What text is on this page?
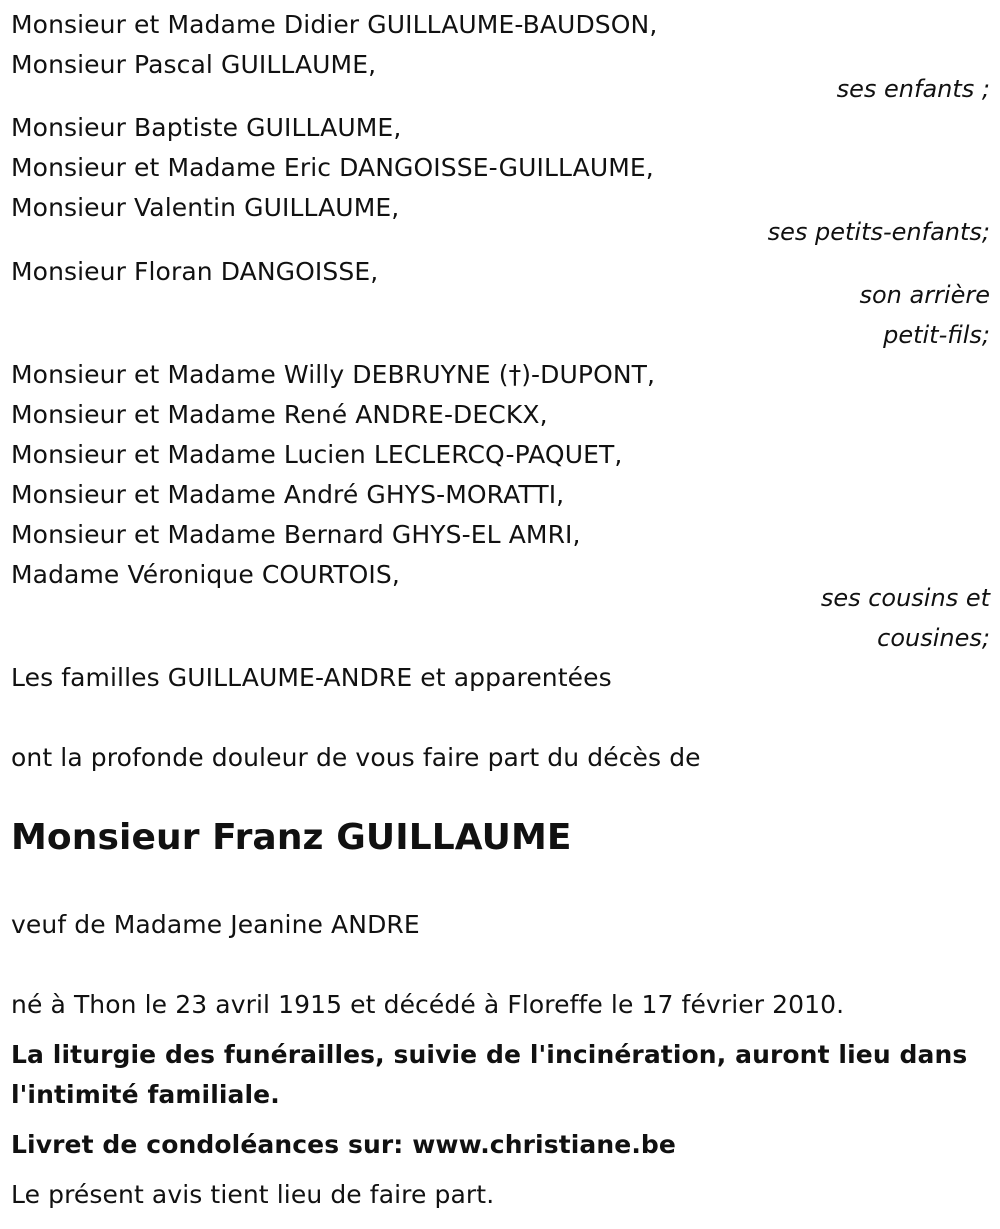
Monsieur et Madame Didier GUILLAUME-BAUDSON,
Monsieur Pascal GUILLAUME,
ses enfants ;
Monsieur Baptiste GUILLAUME,
Monsieur et Madame Eric DANGOISSE-GUILLAUME,
Monsieur Valentin GUILLAUME,
ses petits-enfants;
Monsieur Floran DANGOISSE,
son arrière
petit-fils;
Monsieur et Madame Willy DEBRUYNE (†)-DUPONT,
Monsieur et Madame René ANDRE-DECKX,
Monsieur et Madame Lucien LECLERCQ-PAQUET,
Monsieur et Madame André GHYS-MORATTI,
Monsieur et Madame Bernard GHYS-EL AMRI,
Madame Véronique COURTOIS,
ses cousins et
cousines;
Les familles GUILLAUME-ANDRE et apparentées
ont la profonde douleur de vous faire part du décès de
Monsieur Franz GUILLAUME
veuf de Madame Jeanine ANDRE
né à Thon le 23 avril 1915 et décédé à Floreffe le 17 février 2010.
La liturgie des funérailles, suivie de l'incinération, auront lieu dans
l'intimité familiale.
Livret de condoléances sur: www.christiane.be
Le présent avis tient lieu de faire part.
